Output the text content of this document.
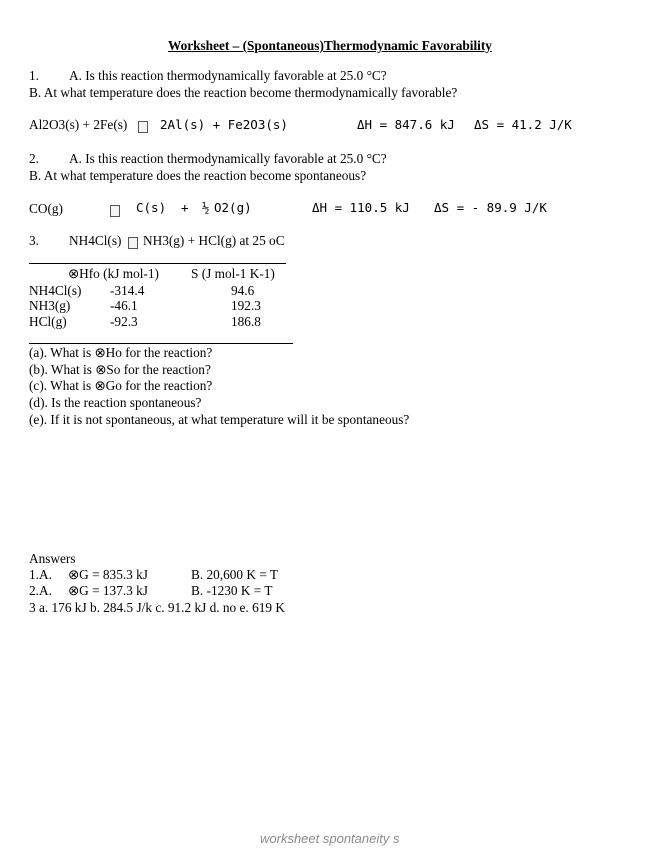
Worksheet – (Spontaneous)Thermodynamic Favorability
1. A. Is this reaction thermodynamically favorable at 25.0 °C?
B. At what temperature does the reaction become thermodynamically favorable?
Al2O3(s) + 2Fe(s)	2Al(s) + Fe2O3(s)	ΔH = 847.6 kJ ΔS = 41.2 J/K
2. A. Is this reaction thermodynamically favorable at 25.0 °C?
B. At what temperature does the reaction become spontaneous?
CO(g)	C(s) + ½ O2(g)	ΔH = 110.5 kJ ΔS = - 89.9 J/K
3. NH4Cl(s) NH3(g) + HCl(g) at 25 oC
⊗Hfo (kJ mol-1) S (J mol-1 K-1)
NH4Cl(s) -314.4	94.6
NH3(g)	-46.1	192.3
HCl(g)	-92.3	186.8
(a). What is ⊗Ho for the reaction?
(b). What is ⊗So for the reaction?
(c). What is ⊗Go for the reaction?
(d). Is the reaction spontaneous?
(e). If it is not spontaneous, at what temperature will it be spontaneous?
Answers
1.A. ⊗G = 835.3 kJ	B. 20,600 K = T
2.A. ⊗G = 137.3 kJ	B. -1230 K = T
3 a. 176 kJ b. 284.5 J/k c. 91.2 kJ d. no e. 619 K
worksheet spontaneity s
